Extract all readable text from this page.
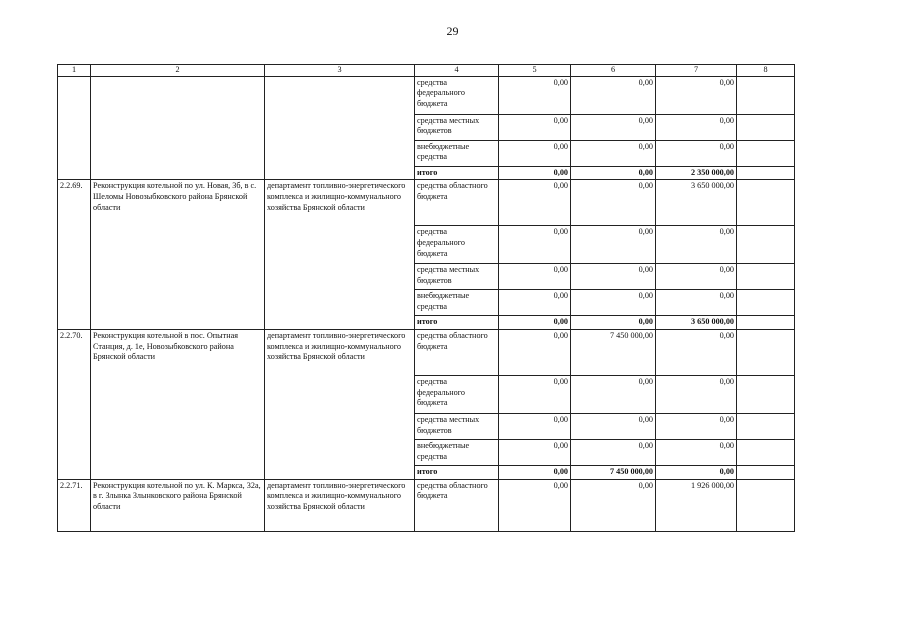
29
1	2	3	4	5	6	7	8
			средства федерального бюджета	0,00	0,00	0,00	
			средства местных бюджетов	0,00	0,00	0,00	
			внебюджетные средства	0,00	0,00	0,00	
			итого	0,00	0,00	2 350 000,00	
2.2.69.	Реконструкция котельной по ул. Новая, 3б, в с. Шеломы Новозыбковского района Брянской области	департамент топливно-энергетического комплекса и жилищно-коммунального хозяйства Брянской области	средства областного бюджета	0,00	0,00	3 650 000,00	
			средства федерального бюджета	0,00	0,00	0,00	
			средства местных бюджетов	0,00	0,00	0,00	
			внебюджетные средства	0,00	0,00	0,00	
			итого	0,00	0,00	3 650 000,00	
2.2.70.	Реконструкция котельной в пос. Опытная Станция, д. 1е, Новозыбковского района Брянской области	департамент топливно-энергетического комплекса и жилищно-коммунального хозяйства Брянской области	средства областного бюджета	0,00	7 450 000,00	0,00	
			средства федерального бюджета	0,00	0,00	0,00	
			средства местных бюджетов	0,00	0,00	0,00	
			внебюджетные средства	0,00	0,00	0,00	
			итого	0,00	7 450 000,00	0,00	
2.2.71.	Реконструкция котельной по ул. К. Маркса, 32а, в г. Злынка Злынковского района Брянской области	департамент топливно-энергетического комплекса и жилищно-коммунального хозяйства Брянской области	средства областного бюджета	0,00	0,00	1 926 000,00	
